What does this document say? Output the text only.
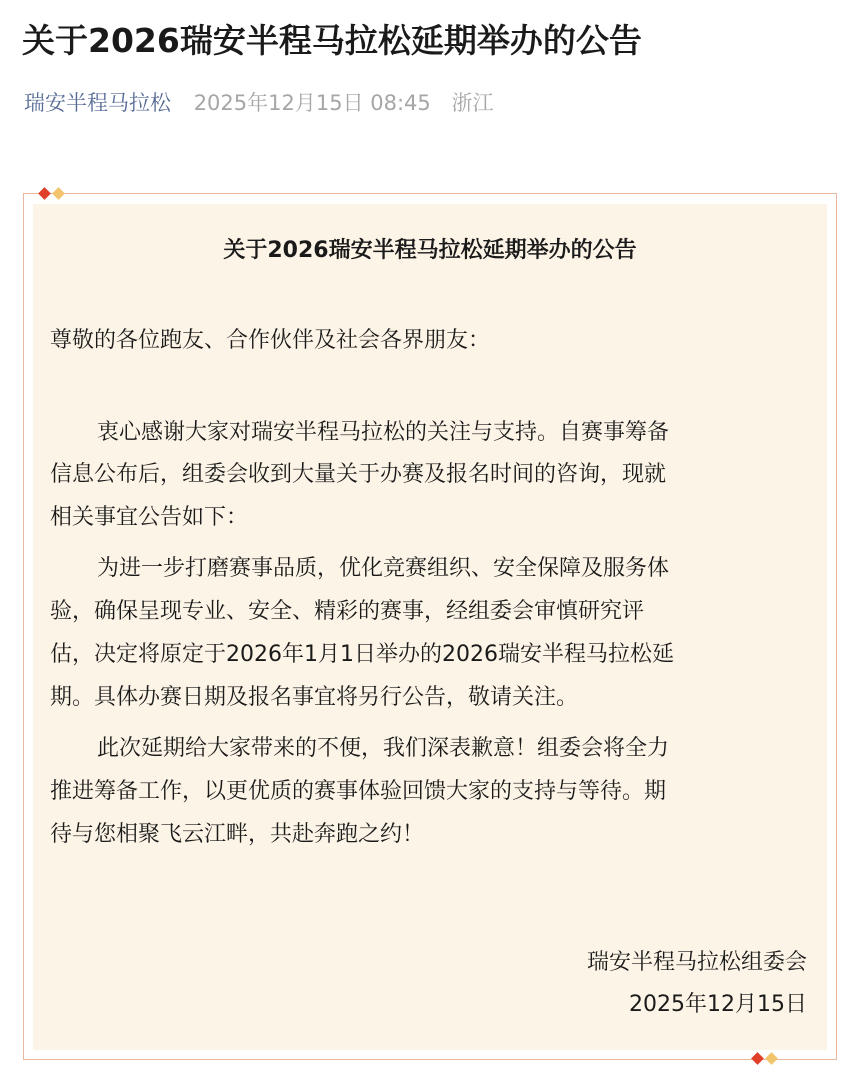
关于2026瑞安半程马拉松延期举办的公告
瑞安半程马拉松 2025年12月15日 08:45 浙江
关于2026瑞安半程马拉松延期举办的公告
尊敬的各位跑友、合作伙伴及社会各界朋友：
衷心感谢大家对瑞安半程马拉松的关注与支持。自赛事筹备
信息公布后，组委会收到大量关于办赛及报名时间的咨询，现就
相关事宜公告如下：
为进一步打磨赛事品质，优化竞赛组织、安全保障及服务体
验，确保呈现专业、安全、精彩的赛事，经组委会审慎研究评
估，决定将原定于2026年1月1日举办的2026瑞安半程马拉松延
期。具体办赛日期及报名事宜将另行公告，敬请关注。
此次延期给大家带来的不便，我们深表歉意！组委会将全力
推进筹备工作，以更优质的赛事体验回馈大家的支持与等待。期
待与您相聚飞云江畔，共赴奔跑之约！
瑞安半程马拉松组委会
2025年12月15日
